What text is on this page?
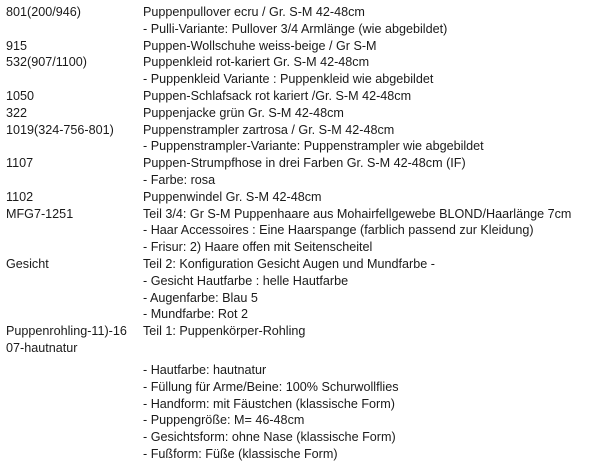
801(200/946)	Puppenpullover ecru / Gr. S-M 42-48cm
- Pulli-Variante: Pullover 3/4 Armlänge (wie abgebildet)
915	Puppen-Wollschuhe weiss-beige / Gr S-M
532(907/1100)	Puppenkleid rot-kariert Gr. S-M 42-48cm
- Puppenkleid Variante : Puppenkleid wie abgebildet
1050	Puppen-Schlafsack rot kariert /Gr. S-M 42-48cm
322	Puppenjacke grün Gr. S-M 42-48cm
1019(324-756-801)	Puppenstrampler zartrosa / Gr. S-M 42-48cm
- Puppenstrampler-Variante: Puppenstrampler wie abgebildet
1107	Puppen-Strumpfhose in drei Farben Gr. S-M 42-48cm (IF)
- Farbe: rosa
1102	Puppenwindel Gr. S-M 42-48cm
MFG7-1251	Teil 3/4: Gr S-M Puppenhaare aus Mohairfellgewebe BLOND/Haarlänge 7cm
- Haar Accessoires : Eine Haarspange (farblich passend zur Kleidung)
- Frisur: 2) Haare offen mit Seitenscheitel
Gesicht	Teil 2: Konfiguration Gesicht Augen und Mundfarbe -
- Gesicht Hautfarbe : helle Hautfarbe
- Augenfarbe: Blau 5
- Mundfarbe: Rot 2
Puppenrohling-11)-16	Teil 1: Puppenkörper-Rohling
07-hautnatur
- Hautfarbe: hautnatur
- Füllung für Arme/Beine: 100% Schurwollflies
- Handform: mit Fäustchen (klassische Form)
- Puppengröße: M= 46-48cm
- Gesichtsform: ohne Nase (klassische Form)
- Fußform: Füße (klassische Form)
